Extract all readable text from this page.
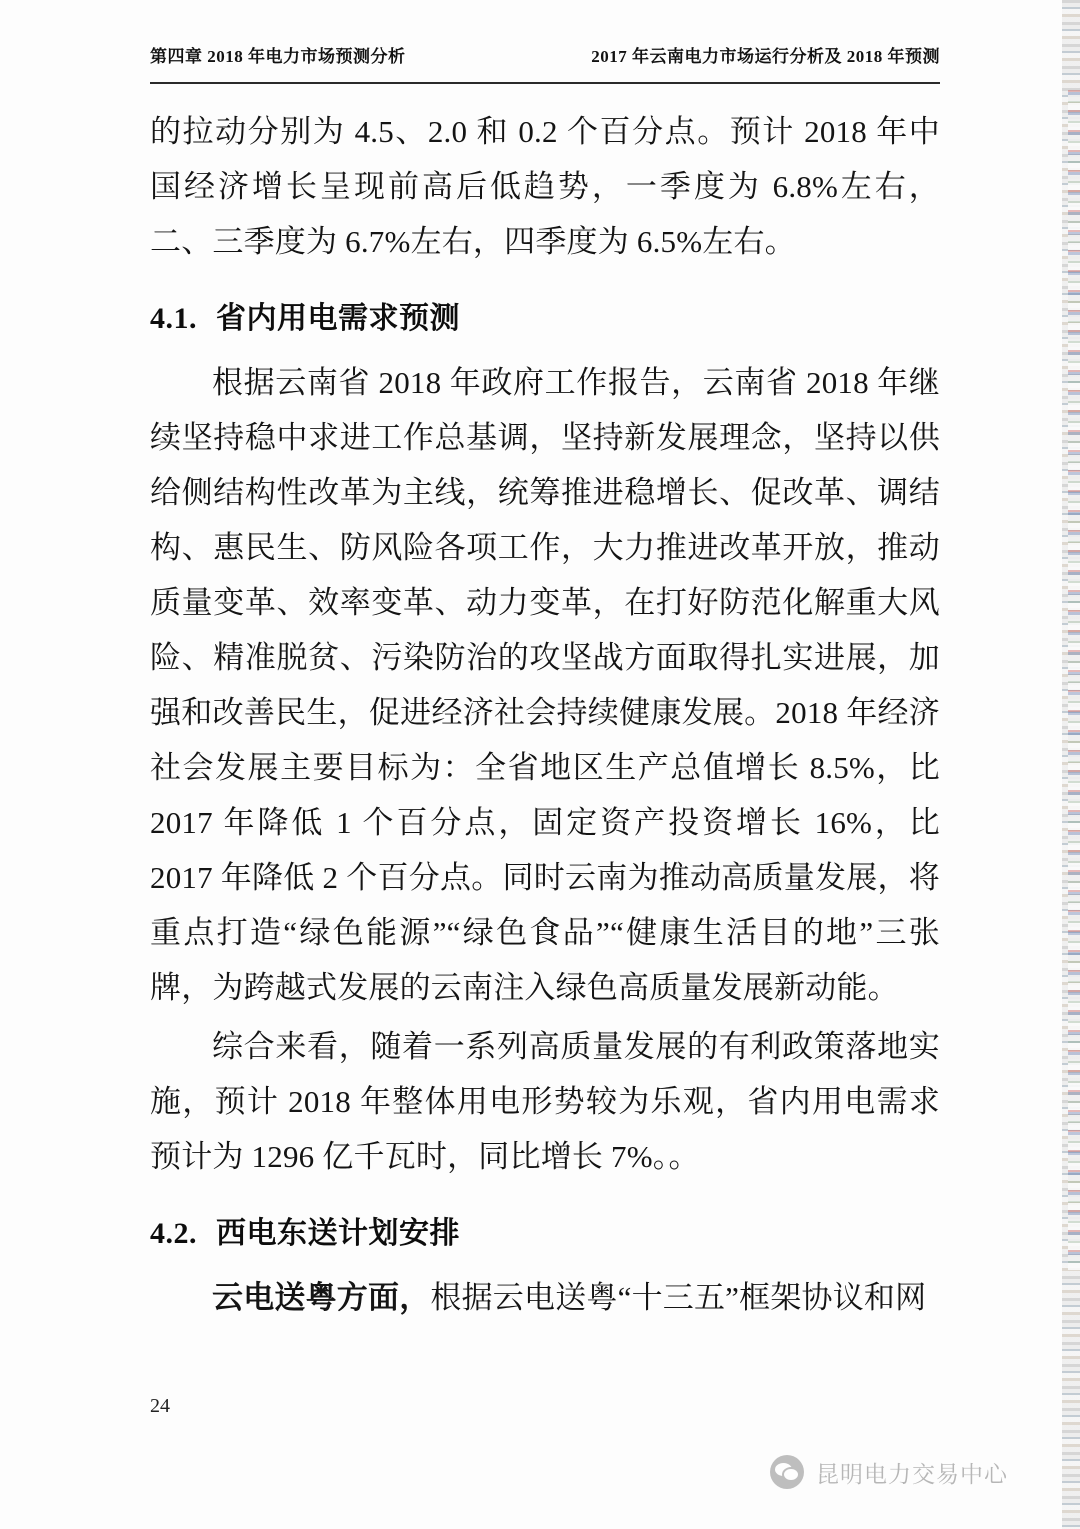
第四章 2018 年电力市场预测分析	2017 年云南电力市场运行分析及 2018 年预测

的拉动分别为 4.5、2.0 和 0.2 个百分点。预计 2018 年中国经济增长呈现前高后低趋势，一季度为 6.8%左右，二、三季度为 6.7%左右，四季度为 6.5%左右。

4.1. 省内用电需求预测

根据云南省 2018 年政府工作报告，云南省 2018 年继续坚持稳中求进工作总基调，坚持新发展理念，坚持以供给侧结构性改革为主线，统筹推进稳增长、促改革、调结构、惠民生、防风险各项工作，大力推进改革开放，推动质量变革、效率变革、动力变革，在打好防范化解重大风险、精准脱贫、污染防治的攻坚战方面取得扎实进展，加强和改善民生，促进经济社会持续健康发展。2018 年经济社会发展主要目标为：全省地区生产总值增长 8.5%，比 2017 年降低 1 个百分点，固定资产投资增长 16%，比 2017 年降低 2 个百分点。同时云南为推动高质量发展，将重点打造“绿色能源”“绿色食品”“健康生活目的地”三张牌，为跨越式发展的云南注入绿色高质量发展新动能。

综合来看，随着一系列高质量发展的有利政策落地实施，预计 2018 年整体用电形势较为乐观，省内用电需求预计为 1296 亿千瓦时，同比增长 7%。。

4.2. 西电东送计划安排

云电送粤方面，根据云电送粤“十三五”框架协议和网

24
昆明电力交易中心
